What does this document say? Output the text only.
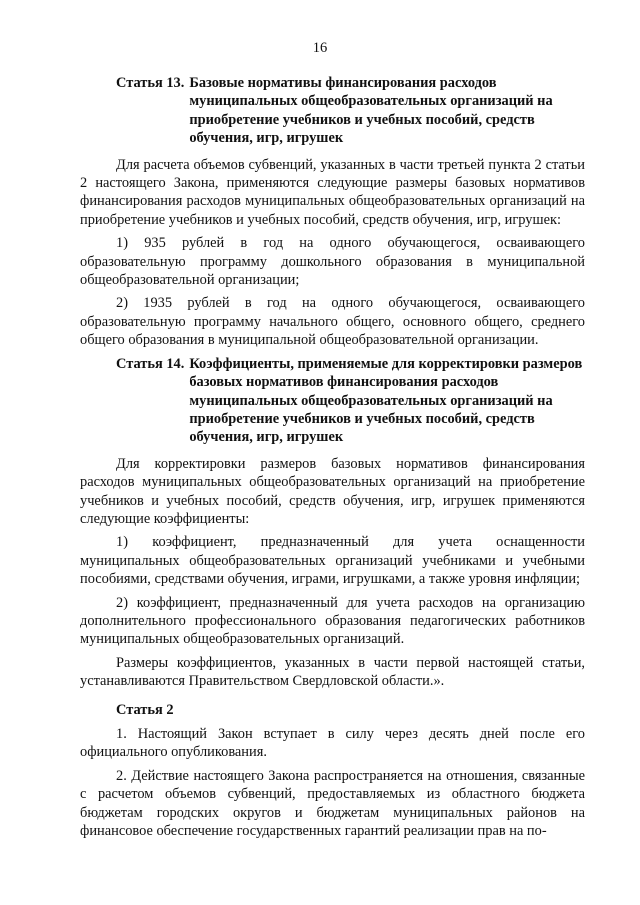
16
Статья 13. Базовые нормативы финансирования расходов муниципальных общеобразовательных организаций на приобретение учебников и учебных пособий, средств обучения, игр, игрушек

Для расчета объемов субвенций, указанных в части третьей пункта 2 статьи 2 настоящего Закона, применяются следующие размеры базовых нормативов финансирования расходов муниципальных общеобразовательных организаций на приобретение учебников и учебных пособий, средств обучения, игр, игрушек:

1) 935 рублей в год на одного обучающегося, осваивающего образовательную программу дошкольного образования в муниципальной общеобразовательной организации;

2) 1935 рублей в год на одного обучающегося, осваивающего образовательную программу начального общего, основного общего, среднего общего образования в муниципальной общеобразовательной организации.

Статья 14. Коэффициенты, применяемые для корректировки размеров базовых нормативов финансирования расходов муниципальных общеобразовательных организаций на приобретение учебников и учебных пособий, средств обучения, игр, игрушек

Для корректировки размеров базовых нормативов финансирования расходов муниципальных общеобразовательных организаций на приобретение учебников и учебных пособий, средств обучения, игр, игрушек применяются следующие коэффициенты:

1) коэффициент, предназначенный для учета оснащенности муниципальных общеобразовательных организаций учебниками и учебными пособиями, средствами обучения, играми, игрушками, а также уровня инфляции;

2) коэффициент, предназначенный для учета расходов на организацию дополнительного профессионального образования педагогических работников муниципальных общеобразовательных организаций.

Размеры коэффициентов, указанных в части первой настоящей статьи, устанавливаются Правительством Свердловской области.».

Статья 2

1. Настоящий Закон вступает в силу через десять дней после его официального опубликования.

2. Действие настоящего Закона распространяется на отношения, связанные с расчетом объемов субвенций, предоставляемых из областного бюджета бюджетам городских округов и бюджетам муниципальных районов на финансовое обеспечение государственных гарантий реализации прав на по-
